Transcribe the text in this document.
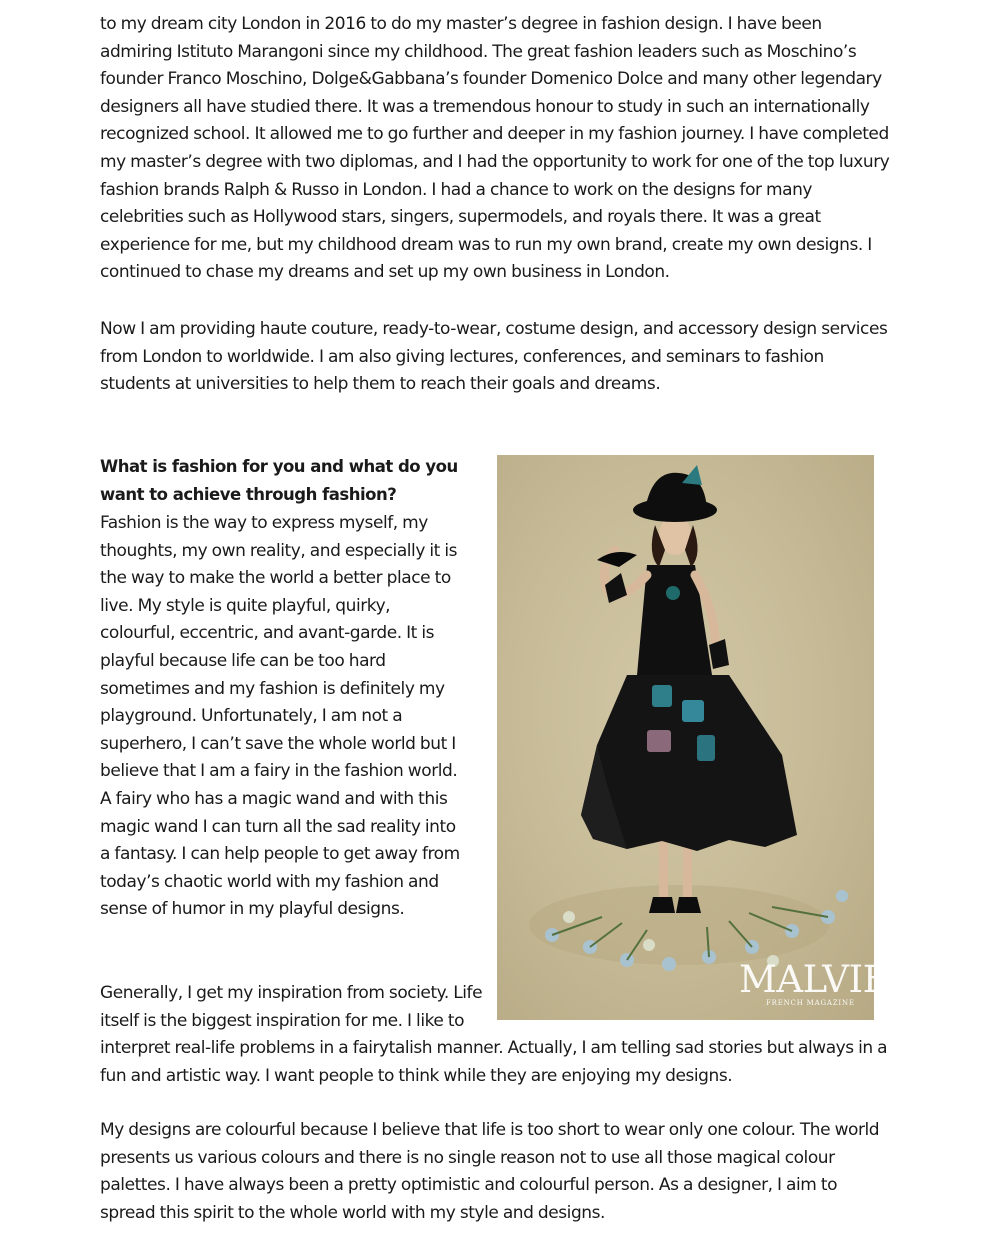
to my dream city London in 2016 to do my master’s degree in fashion design. I have been admiring Istituto Marangoni since my childhood. The great fashion leaders such as Moschino’s founder Franco Moschino, Dolge&Gabbana’s founder Domenico Dolce and many other legendary designers all have studied there. It was a tremendous honour to study in such an internationally recognized school. It allowed me to go further and deeper in my fashion journey. I have completed my master’s degree with two diplomas, and I had the opportunity to work for one of the top luxury fashion brands Ralph & Russo in London. I had a chance to work on the designs for many celebrities such as Hollywood stars, singers, supermodels, and royals there. It was a great experience for me, but my childhood dream was to run my own brand, create my own designs. I continued to chase my dreams and set up my own business in London.

Now I am providing haute couture, ready-to-wear, costume design, and accessory design services from London to worldwide. I am also giving lectures, conferences, and seminars to fashion students at universities to help them to reach their goals and dreams.

What is fashion for you and what do you want to achieve through fashion?

Fashion is the way to express myself, my thoughts, my own reality, and especially it is the way to make the world a better place to live. My style is quite playful, quirky, colourful, eccentric, and avant-garde. It is playful because life can be too hard sometimes and my fashion is definitely my playground. Unfortunately, I am not a superhero, I can’t save the whole world but I believe that I am a fairy in the fashion world. A fairy who has a magic wand and with this magic wand I can turn all the sad reality into a fantasy. I can help people to get away from today’s chaotic world with my fashion and sense of humor in my playful designs.

Generally, I get my inspiration from society. Life itself is the biggest inspiration for me. I like to interpret real-life problems in a fairytalish manner. Actually, I am telling sad stories but always in a fun and artistic way. I want people to think while they are enjoying my designs.

My designs are colourful because I believe that life is too short to wear only one colour. The world presents us various colours and there is no single reason not to use all those magical colour palettes. I have always been a pretty optimistic and colourful person. As a designer, I aim to spread this spirit to the whole world with my style and designs.

MALVIE
FRENCH MAGAZINE
